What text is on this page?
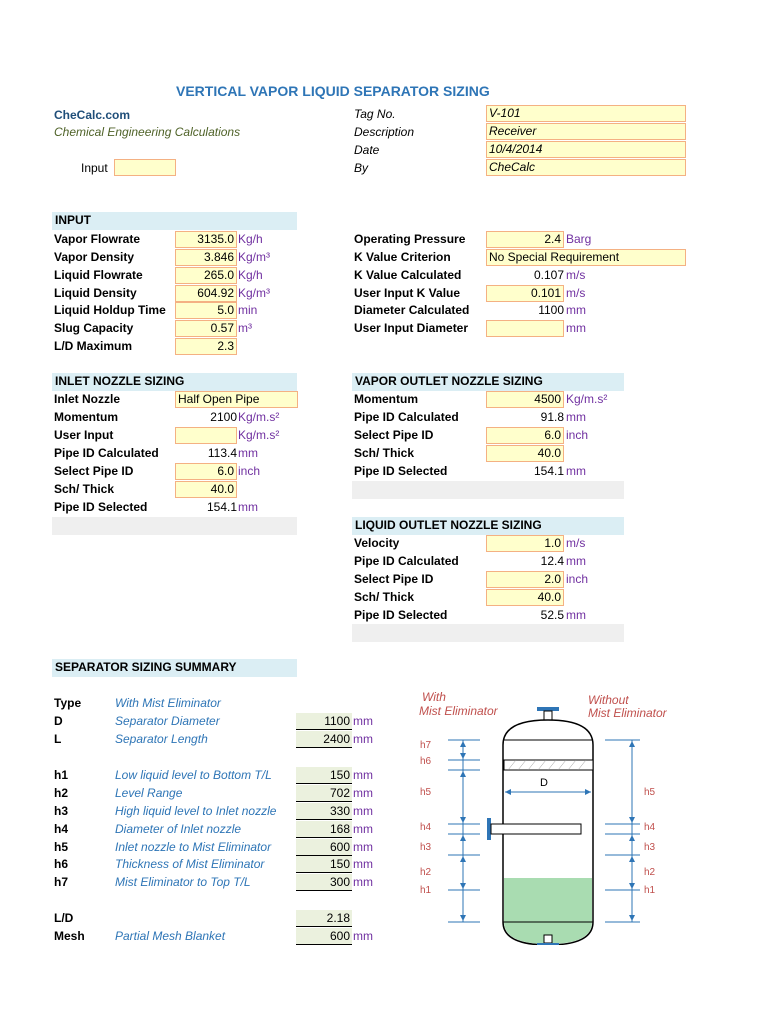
VERTICAL VAPOR LIQUID SEPARATOR SIZING
CheCalc.com
Chemical Engineering Calculations
Input
Tag No.	V-101
Description	Receiver
Date	10/4/2014
By	CheCalc
INPUT
Vapor Flowrate	3135.0 Kg/h
Vapor Density	3.846 Kg/m³
Liquid Flowrate	265.0 Kg/h
Liquid Density	604.92 Kg/m³
Liquid Holdup Time	5.0 min
Slug Capacity	0.57 m³
L/D Maximum	2.3
Operating Pressure	2.4 Barg
K Value Criterion	No Special Requirement
K Value Calculated	0.107 m/s
User Input K Value	0.101 m/s
Diameter Calculated	1100 mm
User Input Diameter	mm
INLET NOZZLE SIZING
Inlet Nozzle	Half Open Pipe
Momentum	2100 Kg/m.s²
User Input	Kg/m.s²
Pipe ID Calculated	113.4 mm
Select Pipe ID	6.0 inch
Sch/ Thick	40.0
Pipe ID Selected	154.1 mm
VAPOR OUTLET NOZZLE SIZING
Momentum	4500 Kg/m.s²
Pipe ID Calculated	91.8 mm
Select Pipe ID	6.0 inch
Sch/ Thick	40.0
Pipe ID Selected	154.1 mm
LIQUID OUTLET NOZZLE SIZING
Velocity	1.0 m/s
Pipe ID Calculated	12.4 mm
Select Pipe ID	2.0 inch
Sch/ Thick	40.0
Pipe ID Selected	52.5 mm
SEPARATOR SIZING SUMMARY
Type	With Mist Eliminator
D	Separator Diameter	1100 mm
L	Separator Length	2400 mm
h1	Low liquid level to Bottom T/L	150 mm
h2	Level Range	702 mm
h3	High liquid level to Inlet nozzle	330 mm
h4	Diameter of Inlet nozzle	168 mm
h5	Inlet nozzle to Mist Eliminator	600 mm
h6	Thickness of Mist Eliminator	150 mm
h7	Mist Eliminator to Top T/L	300 mm
L/D	2.18
Mesh	Partial Mesh Blanket	600 mm
With
Mist Eliminator
Without
Mist Eliminator
D
h7
h6
h5
h4
h3
h2
h1
h5
h4
h3
h2
h1
